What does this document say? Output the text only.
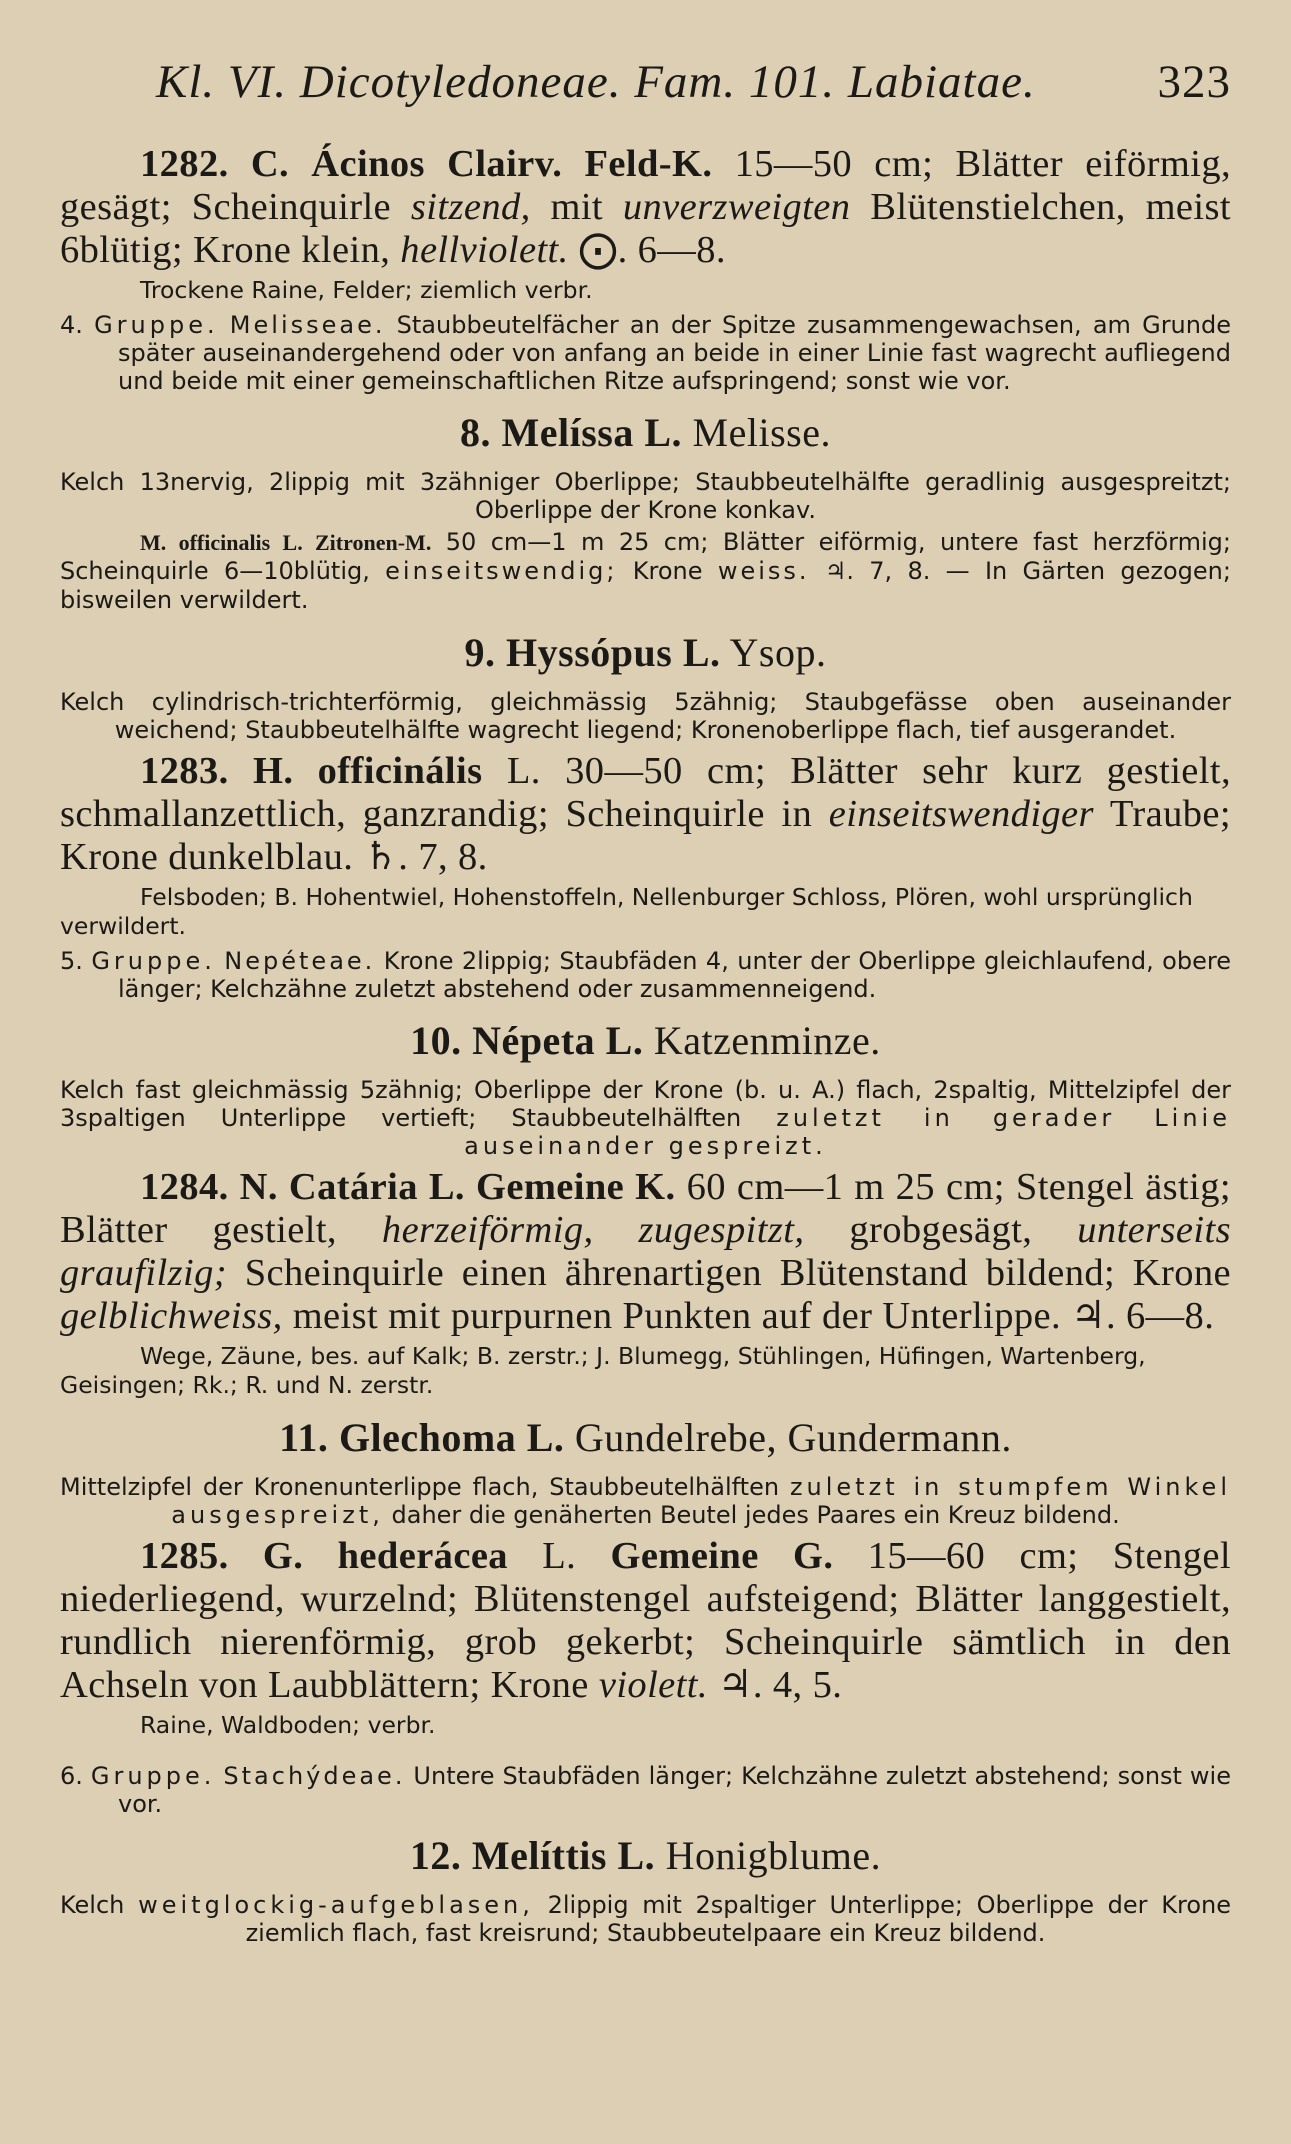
Kl. VI. Dicotyledoneae. Fam. 101. Labiatae.	323

1282. C. Ácinos Clairv. Feld-K. 15—50 cm; Blätter eiförmig, gesägt; Scheinquirle sitzend, mit unverzweigten Blütenstielchen, meist 6blütig; Krone klein, hellviolett. ⨀. 6—8.

Trockene Raine, Felder; ziemlich verbr.

4. Gruppe. Melisseae. Staubbeutelfächer an der Spitze zusammengewachsen, am Grunde später auseinandergehend oder von anfang an beide in einer Linie fast wagrecht aufliegend und beide mit einer gemeinschaftlichen Ritze aufspringend; sonst wie vor.

8. Melíssa L. Melisse.

Kelch 13nervig, 2lippig mit 3zähniger Oberlippe; Staubbeutelhälfte geradlinig ausgespreitzt; Oberlippe der Krone konkav.

M. officinalis L. Zitronen-M. 50 cm—1 m 25 cm; Blätter eiförmig, untere fast herzförmig; Scheinquirle 6—10blütig, einseitswendig; Krone weiss. ♃. 7, 8. — In Gärten gezogen; bisweilen verwildert.

9. Hyssópus L. Ysop.

Kelch cylindrisch-trichterförmig, gleichmässig 5zähnig; Staubgefässe oben auseinander weichend; Staubbeutelhälfte wagrecht liegend; Kronenoberlippe flach, tief ausgerandet.

1283. H. officinális L. 30—50 cm; Blätter sehr kurz gestielt, schmallanzettlich, ganzrandig; Scheinquirle in einseitswendiger Traube; Krone dunkelblau. ♄. 7, 8.

Felsboden; B. Hohentwiel, Hohenstoffeln, Nellenburger Schloss, Plören, wohl ursprünglich verwildert.

5. Gruppe. Nepéteae. Krone 2lippig; Staubfäden 4, unter der Oberlippe gleichlaufend, obere länger; Kelchzähne zuletzt abstehend oder zusammenneigend.

10. Népeta L. Katzenminze.

Kelch fast gleichmässig 5zähnig; Oberlippe der Krone (b. u. A.) flach, 2spaltig, Mittelzipfel der 3spaltigen Unterlippe vertieft; Staubbeutelhälften zuletzt in gerader Linie auseinander gespreizt.

1284. N. Catária L. Gemeine K. 60 cm—1 m 25 cm; Stengel ästig; Blätter gestielt, herzeiförmig, zugespitzt, grobgesägt, unterseits graufilzig; Scheinquirle einen ährenartigen Blütenstand bildend; Krone gelblichweiss, meist mit purpurnen Punkten auf der Unterlippe. ♃. 6—8.

Wege, Zäune, bes. auf Kalk; B. zerstr.; J. Blumegg, Stühlingen, Hüfingen, Wartenberg, Geisingen; Rk.; R. und N. zerstr.

11. Glechoma L. Gundelrebe, Gundermann.

Mittelzipfel der Kronenunterlippe flach, Staubbeutelhälften zuletzt in stumpfem Winkel ausgespreizt, daher die genäherten Beutel jedes Paares ein Kreuz bildend.

1285. G. hederácea L. Gemeine G. 15—60 cm; Stengel niederliegend, wurzelnd; Blütenstengel aufsteigend; Blätter langgestielt, rundlich nierenförmig, grob gekerbt; Scheinquirle sämtlich in den Achseln von Laubblättern; Krone violett. ♃. 4, 5.

Raine, Waldboden; verbr.

6. Gruppe. Stachýdeae. Untere Staubfäden länger; Kelchzähne zuletzt abstehend; sonst wie vor.

12. Melíttis L. Honigblume.

Kelch weitglockig-aufgeblasen, 2lippig mit 2spaltiger Unterlippe; Oberlippe der Krone ziemlich flach, fast kreisrund; Staubbeutelpaare ein Kreuz bildend.
